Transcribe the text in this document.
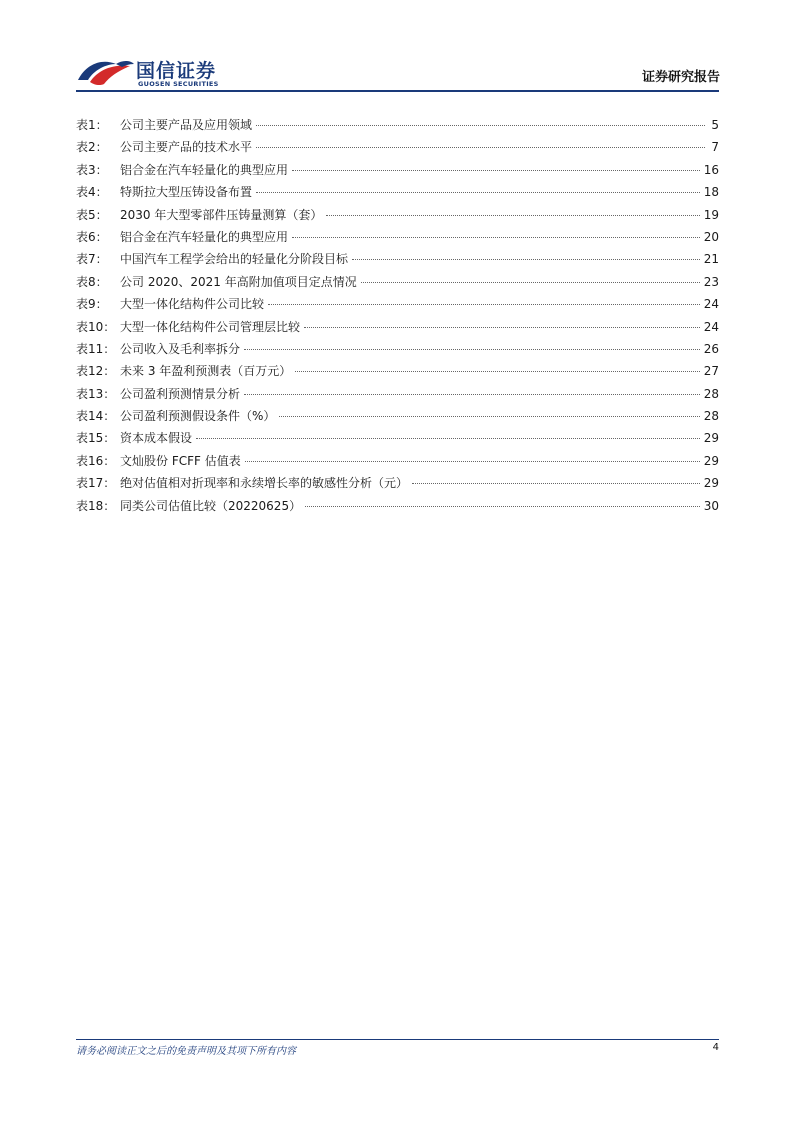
国信证券
GUOSEN SECURITIES	证券研究报告
表1：	公司主要产品及应用领域	5
表2：	公司主要产品的技术水平	7
表3：	铝合金在汽车轻量化的典型应用	16
表4：	特斯拉大型压铸设备布置	18
表5：	2030 年大型零部件压铸量测算（套）	19
表6：	铝合金在汽车轻量化的典型应用	20
表7：	中国汽车工程学会给出的轻量化分阶段目标	21
表8：	公司 2020、2021 年高附加值项目定点情况	23
表9：	大型一体化结构件公司比较	24
表10： 大型一体化结构件公司管理层比较	24
表11： 公司收入及毛利率拆分	26
表12： 未来 3 年盈利预测表（百万元）	27
表13： 公司盈利预测情景分析	28
表14： 公司盈利预测假设条件（%）	28
表15： 资本成本假设	29
表16： 文灿股份 FCFF 估值表	29
表17： 绝对估值相对折现率和永续增长率的敏感性分析（元）	29
表18： 同类公司估值比较（20220625）	30
请务必阅读正文之后的免责声明及其项下所有内容	4
